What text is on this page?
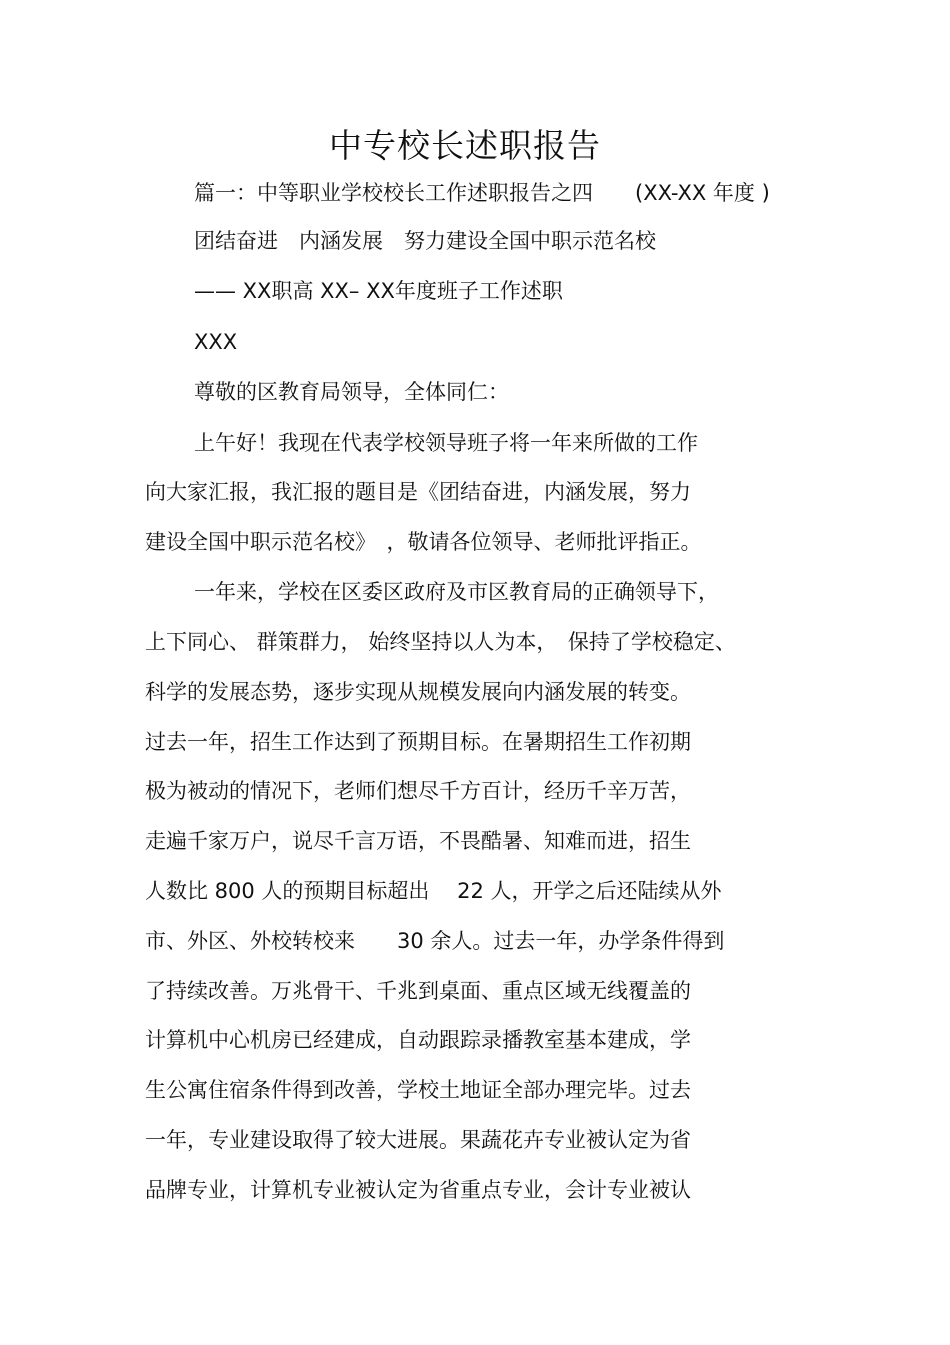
中专校长述职报告
篇一：中等职业学校校长工作述职报告之四　　(XX-XX 年度 )
团结奋进　内涵发展　努力建设全国中职示范名校
—— XX职高 XX– XX年度班子工作述职
XXX
尊敬的区教育局领导，全体同仁：
上午好！我现在代表学校领导班子将一年来所做的工作
向大家汇报，我汇报的题目是《团结奋进，内涵发展，努力
建设全国中职示范名校》　，敬请各位领导、老师批评指正。
一年来，学校在区委区政府及市区教育局的正确领导下，
上下同心、 群策群力， 始终坚持以人为本，　保持了学校稳定、
科学的发展态势，逐步实现从规模发展向内涵发展的转变。
过去一年，招生工作达到了预期目标。在暑期招生工作初期
极为被动的情况下，老师们想尽千方百计，经历千辛万苦，
走遍千家万户，说尽千言万语，不畏酷暑、知难而进，招生
人数比 800 人的预期目标超出　 22 人，开学之后还陆续从外
市、外区、外校转校来　　30 余人。过去一年，办学条件得到
了持续改善。万兆骨干、千兆到桌面、重点区域无线覆盖的
计算机中心机房已经建成，自动跟踪录播教室基本建成，学
生公寓住宿条件得到改善，学校土地证全部办理完毕。过去
一年，专业建设取得了较大进展。果蔬花卉专业被认定为省
品牌专业，计算机专业被认定为省重点专业，会计专业被认
